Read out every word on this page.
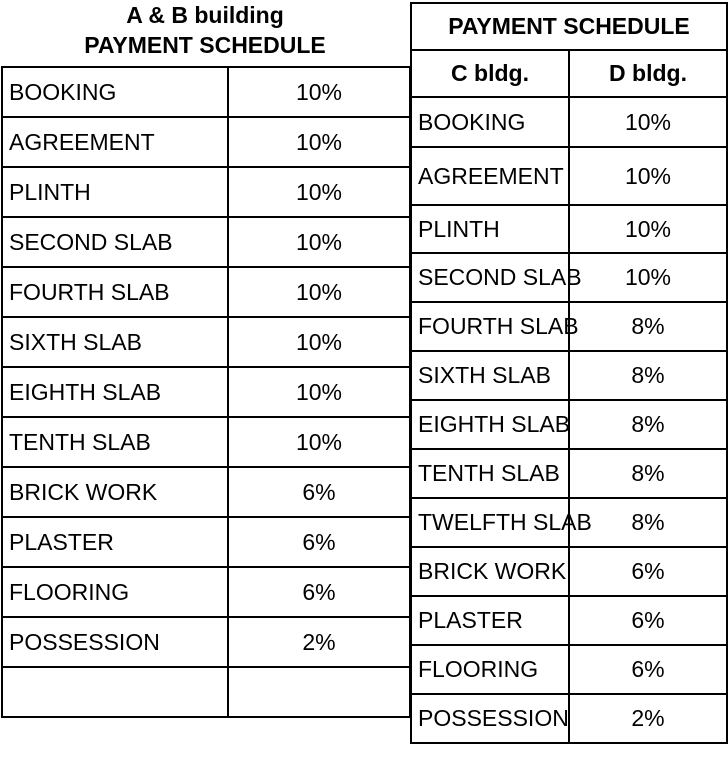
A & B building
PAYMENT SCHEDULE
BOOKING	10%
AGREEMENT	10%
PLINTH	10%
SECOND SLAB	10%
FOURTH SLAB	10%
SIXTH SLAB	10%
EIGHTH SLAB	10%
TENTH SLAB	10%
BRICK WORK	6%
PLASTER	6%
FLOORING	6%
POSSESSION	2%

PAYMENT SCHEDULE	
C bldg.	D bldg.
BOOKING	10%
AGREEMENT	10%
PLINTH	10%
SECOND SLAB	10%
FOURTH SLAB	8%
SIXTH SLAB	8%
EIGHTH SLAB	8%
TENTH SLAB	8%
TWELFTH SLAB	8%
BRICK WORK	6%
PLASTER	6%
FLOORING	6%
POSSESSION	2%
